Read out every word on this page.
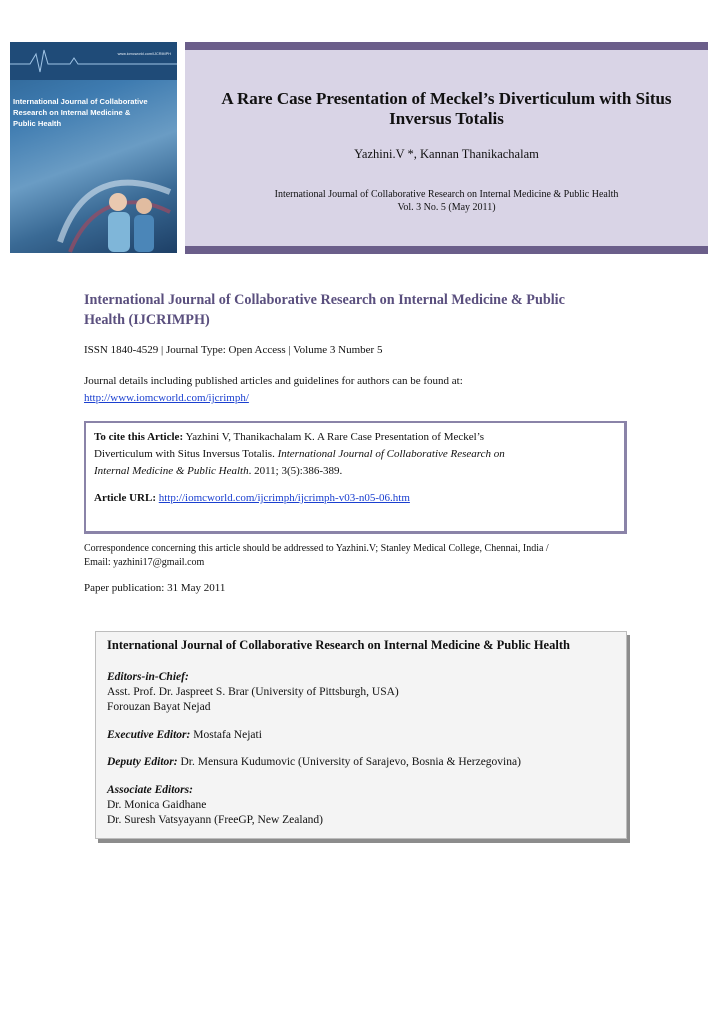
www.iomcworld.com/IJCRIMPH
International Journal of Collaborative
Research on Internal Medicine &
Public Health
Online access at:
International Online
Medical Council (IOMC)
www.iomcworld.com
A Rare Case Presentation of Meckel’s Diverticulum with Situs
Inversus Totalis
Yazhini.V *, Kannan Thanikachalam
International Journal of Collaborative Research on Internal Medicine & Public Health
Vol. 3 No. 5 (May 2011)
International Journal of Collaborative Research on Internal Medicine & Public
Health (IJCRIMPH)
ISSN 1840-4529 | Journal Type: Open Access | Volume 3 Number 5
Journal details including published articles and guidelines for authors can be found at:
http://www.iomcworld.com/ijcrimph/
To cite this Article: Yazhini V, Thanikachalam K. A Rare Case Presentation of Meckel’s
Diverticulum with Situs Inversus Totalis. International Journal of Collaborative Research on
Internal Medicine & Public Health. 2011; 3(5):386-389.
Article URL: http://iomcworld.com/ijcrimph/ijcrimph-v03-n05-06.htm
Correspondence concerning this article should be addressed to Yazhini.V; Stanley Medical College, Chennai, India /
Email: yazhini17@gmail.com
Paper publication: 31 May 2011
International Journal of Collaborative Research on Internal Medicine & Public Health
Editors-in-Chief:
Asst. Prof. Dr. Jaspreet S. Brar (University of Pittsburgh, USA)
Forouzan Bayat Nejad
Executive Editor: Mostafa Nejati
Deputy Editor: Dr. Mensura Kudumovic (University of Sarajevo, Bosnia & Herzegovina)
Associate Editors:
Dr. Monica Gaidhane
Dr. Suresh Vatsyayann (FreeGP, New Zealand)
